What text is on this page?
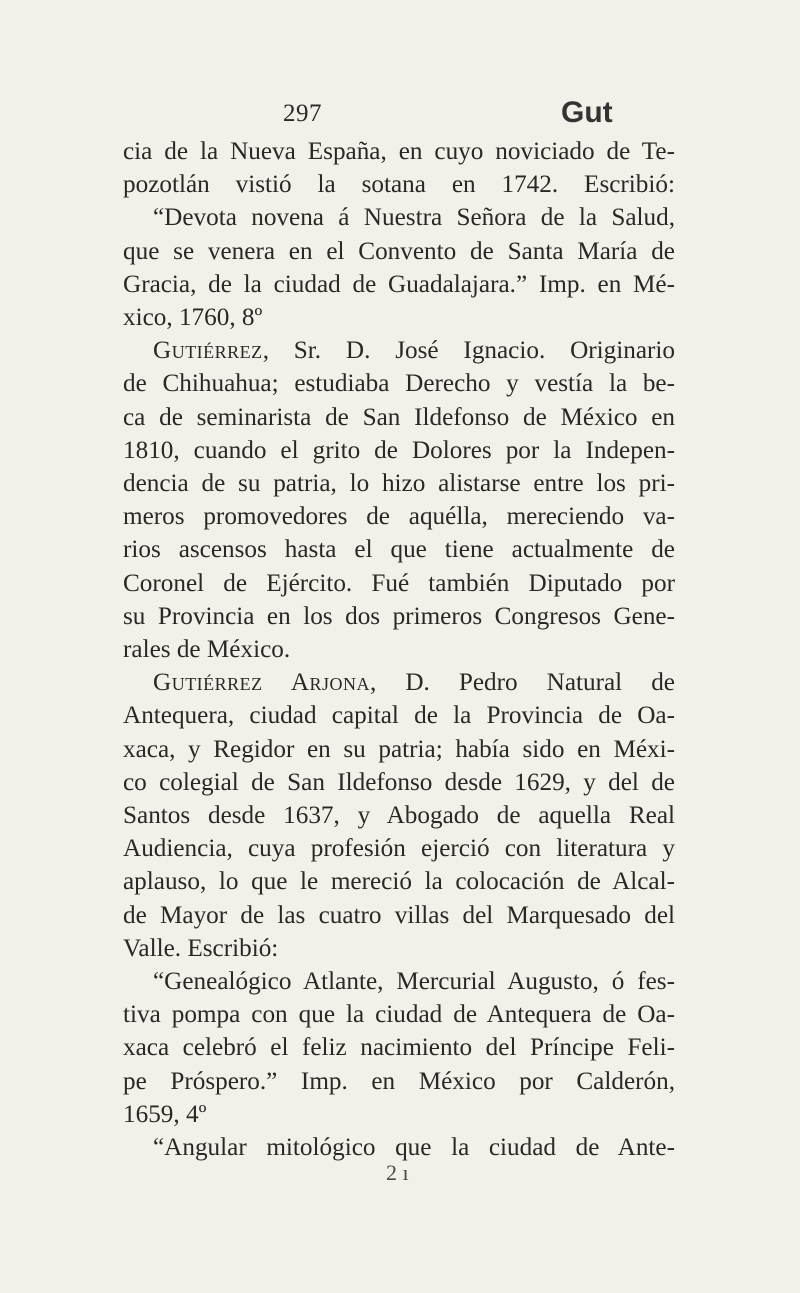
297	Gut
cia de la Nueva España, en cuyo noviciado de Te-
pozotlán vistió la sotana en 1742. Escribió:
“Devota novena á Nuestra Señora de la Salud,
que se venera en el Convento de Santa María de
Gracia, de la ciudad de Guadalajara.” Imp. en Mé-
xico, 1760, 8º
Gutiérrez, Sr. D. José Ignacio. Originario
de Chihuahua; estudiaba Derecho y vestía la be-
ca de seminarista de San Ildefonso de México en
1810, cuando el grito de Dolores por la Indepen-
dencia de su patria, lo hizo alistarse entre los pri-
meros promovedores de aquélla, mereciendo va-
rios ascensos hasta el que tiene actualmente de
Coronel de Ejército. Fué también Diputado por
su Provincia en los dos primeros Congresos Gene-
rales de México.
Gutiérrez Arjona, D. Pedro Natural de
Antequera, ciudad capital de la Provincia de Oa-
xaca, y Regidor en su patria; había sido en Méxi-
co colegial de San Ildefonso desde 1629, y del de
Santos desde 1637, y Abogado de aquella Real
Audiencia, cuya profesión ejerció con literatura y
aplauso, lo que le mereció la colocación de Alcal-
de Mayor de las cuatro villas del Marquesado del
Valle. Escribió:
“Genealógico Atlante, Mercurial Augusto, ó fes-
tiva pompa con que la ciudad de Antequera de Oa-
xaca celebró el feliz nacimiento del Príncipe Feli-
pe Próspero.” Imp. en México por Calderón,
1659, 4º
“Angular mitológico que la ciudad de Ante-
2 ı
